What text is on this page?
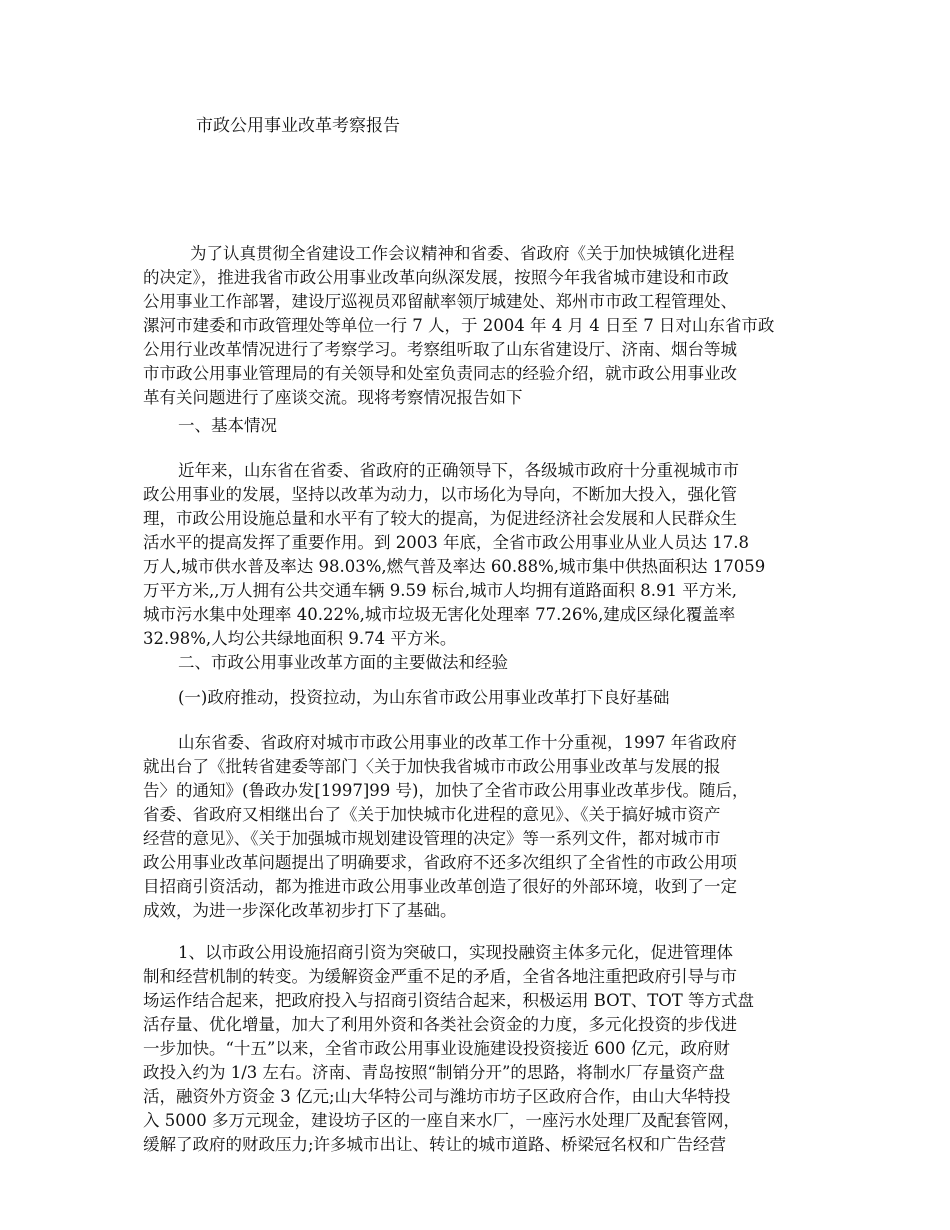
市政公用事业改革考察报告
为了认真贯彻全省建设工作会议精神和省委、省政府《关于加快城镇化进程
的决定》，推进我省市政公用事业改革向纵深发展，按照今年我省城市建设和市政
公用事业工作部署，建设厅巡视员邓留献率领厅城建处、郑州市市政工程管理处、
漯河市建委和市政管理处等单位一行 7 人，于 2004 年 4 月 4 日至 7 日对山东省市政
公用行业改革情况进行了考察学习。考察组听取了山东省建设厅、济南、烟台等城
市市政公用事业管理局的有关领导和处室负责同志的经验介绍，就市政公用事业改
革有关问题进行了座谈交流。现将考察情况报告如下
一、基本情况
近年来，山东省在省委、省政府的正确领导下，各级城市政府十分重视城市市
政公用事业的发展，坚持以改革为动力，以市场化为导向，不断加大投入，强化管
理，市政公用设施总量和水平有了较大的提高，为促进经济社会发展和人民群众生
活水平的提高发挥了重要作用。到 2003 年底，全省市政公用事业从业人员达 17.8
万人,城市供水普及率达 98.03%,燃气普及率达 60.88%,城市集中供热面积达 17059
万平方米,,万人拥有公共交通车辆 9.59 标台,城市人均拥有道路面积 8.91 平方米,
城市污水集中处理率 40.22%,城市垃圾无害化处理率 77.26%,建成区绿化覆盖率
32.98%,人均公共绿地面积 9.74 平方米。
二、市政公用事业改革方面的主要做法和经验
(一)政府推动，投资拉动，为山东省市政公用事业改革打下良好基础
山东省委、省政府对城市市政公用事业的改革工作十分重视，1997 年省政府
就出台了《批转省建委等部门〈关于加快我省城市市政公用事业改革与发展的报
告〉的通知》(鲁政办发[1997]99 号)，加快了全省市政公用事业改革步伐。随后，
省委、省政府又相继出台了《关于加快城市化进程的意见》、《关于搞好城市资产
经营的意见》、《关于加强城市规划建设管理的决定》等一系列文件，都对城市市
政公用事业改革问题提出了明确要求，省政府不还多次组织了全省性的市政公用项
目招商引资活动，都为推进市政公用事业改革创造了很好的外部环境，收到了一定
成效，为进一步深化改革初步打下了基础。
1、以市政公用设施招商引资为突破口，实现投融资主体多元化，促进管理体
制和经营机制的转变。为缓解资金严重不足的矛盾，全省各地注重把政府引导与市
场运作结合起来，把政府投入与招商引资结合起来，积极运用 BOT、TOT 等方式盘
活存量、优化增量，加大了利用外资和各类社会资金的力度，多元化投资的步伐进
一步加快。“十五”以来，全省市政公用事业设施建设投资接近 600 亿元，政府财
政投入约为 1/3 左右。济南、青岛按照“制销分开”的思路，将制水厂存量资产盘
活，融资外方资金 3 亿元;山大华特公司与潍坊市坊子区政府合作，由山大华特投
入 5000 多万元现金，建设坊子区的一座自来水厂，一座污水处理厂及配套管网，
缓解了政府的财政压力;许多城市出让、转让的城市道路、桥梁冠名权和广告经营
